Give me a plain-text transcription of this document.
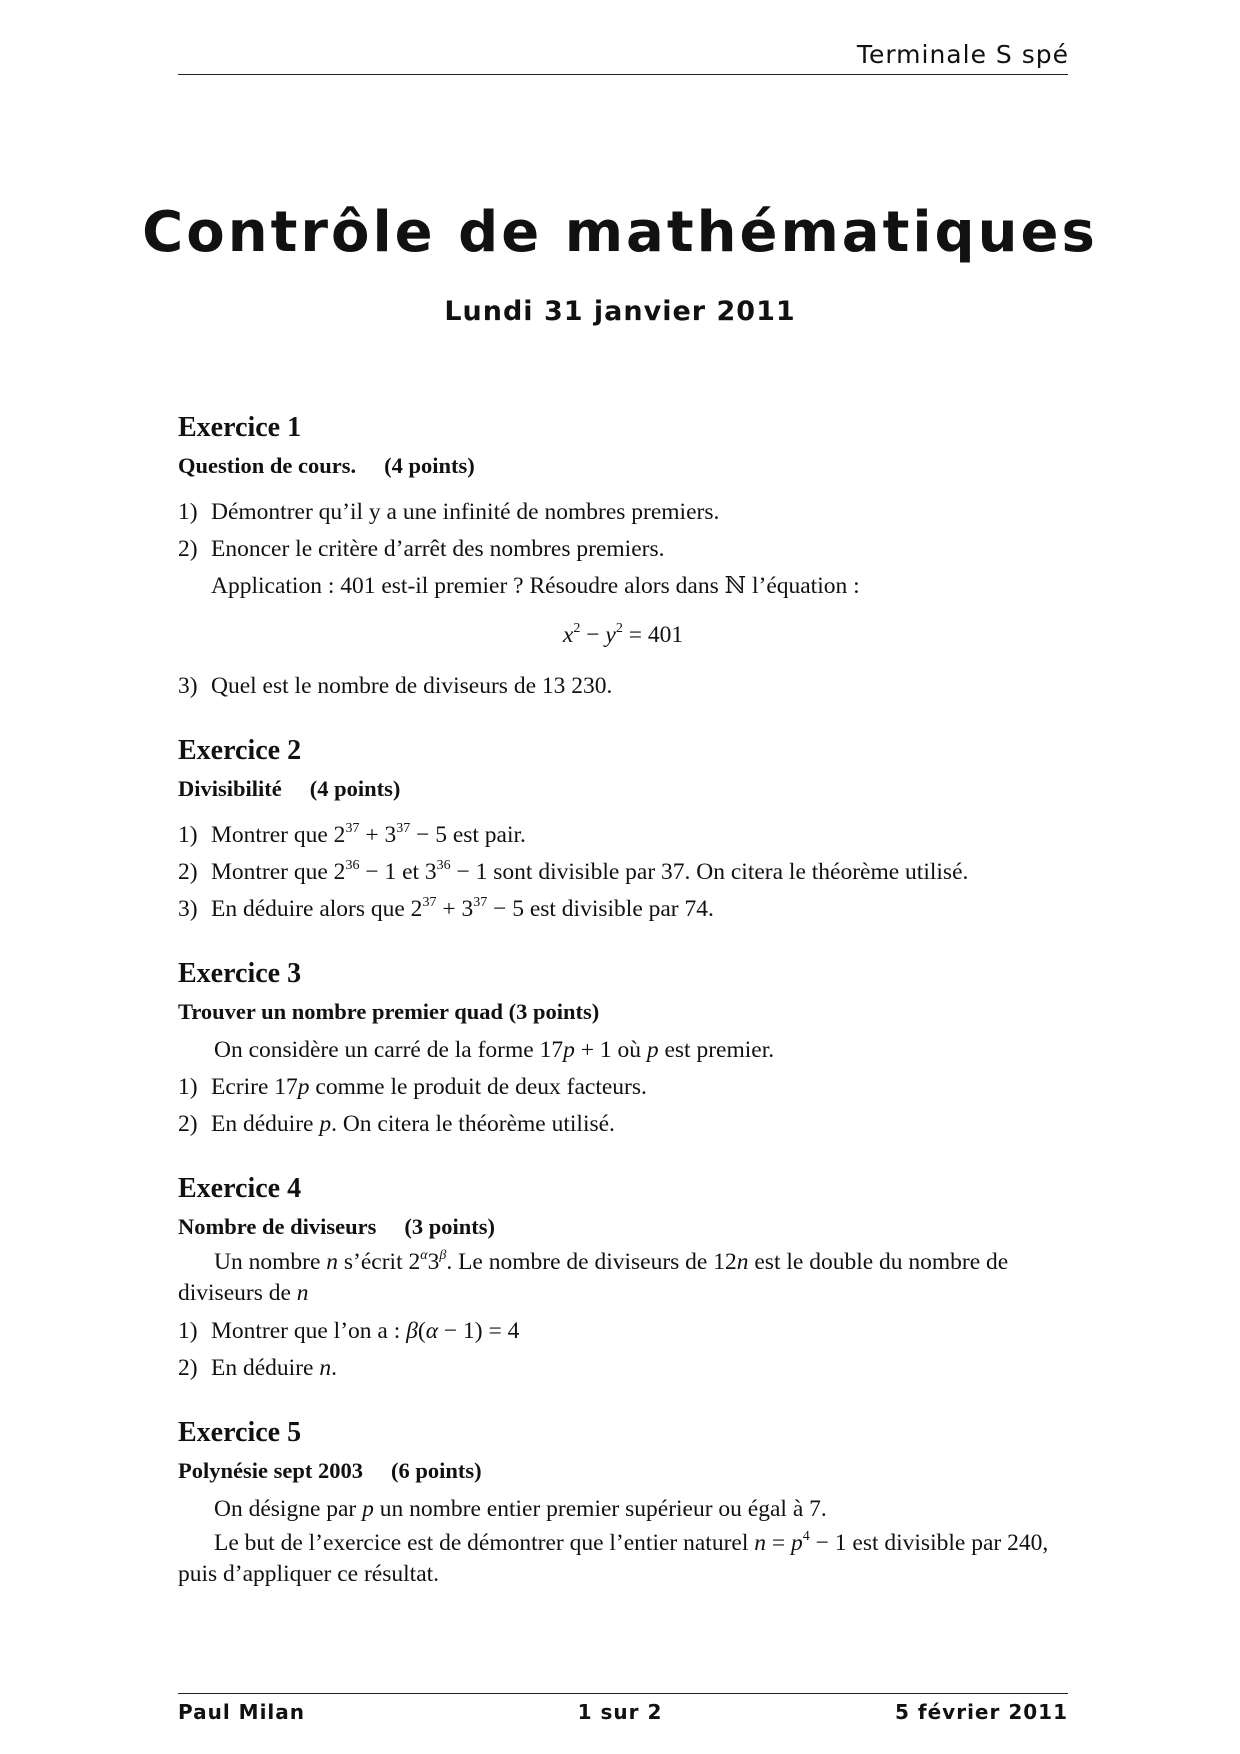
Terminale S spé
Contrôle de mathématiques
Lundi 31 janvier 2011
Exercice 1
Question de cours. (4 points)
1) Démontrer qu’il y a une infinité de nombres premiers.
2) Enoncer le critère d’arrêt des nombres premiers.
Application : 401 est-il premier ? Résoudre alors dans ℕ l’équation :
$x^2 - y^2 = 401$
3) Quel est le nombre de diviseurs de 13 230.
Exercice 2
Divisibilité (4 points)
1) Montrer que $2^{37} + 3^{37} - 5$ est pair.
2) Montrer que $2^{36} - 1$ et $3^{36} - 1$ sont divisible par 37. On citera le théorème utilisé.
3) En déduire alors que $2^{37} + 3^{37} - 5$ est divisible par 74.
Exercice 3
Trouver un nombre premier quad (3 points)

On considère un carré de la forme 17p + 1 où p est premier.

1) Ecrire 17p comme le produit de deux facteurs.
2) En déduire p. On citera le théorème utilisé.
Exercice 4
Nombre de diviseurs (3 points)

Un nombre n s’écrit $2^\alpha 3^\beta$. Le nombre de diviseurs de 12n est le double du nombre de diviseurs de n

1) Montrer que l’on a : β(α − 1) = 4
2) En déduire n.
Exercice 5
Polynésie sept 2003 (6 points)

On désigne par p un nombre entier premier supérieur ou égal à 7.

Le but de l’exercice est de démontrer que l’entier naturel $n = p^4 - 1$ est divisible par 240, puis d’appliquer ce résultat.

Paul Milan	1 sur 2	5 février 2011
